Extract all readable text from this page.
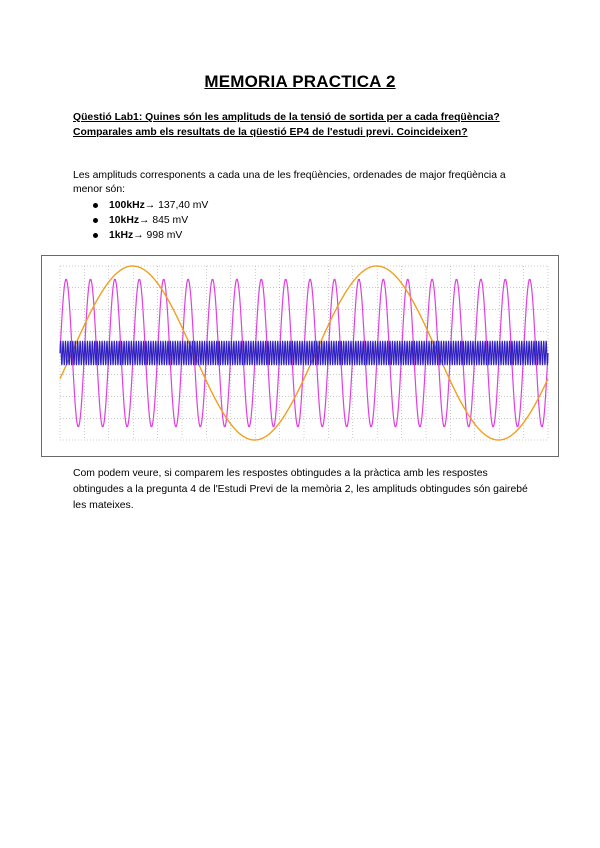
MEMORIA PRACTICA 2
Qüestió Lab1: Quines són les amplituds de la tensió de sortida per a cada freqüència? Comparales amb els resultats de la qüestió EP4 de l'estudi previ. Coincideixen?
Les amplituds corresponents a cada una de les freqüències, ordenades de major freqüència a menor són:
100kHz→ 137,40 mV
10kHz→ 845 mV
1kHz→ 998 mV
Com podem veure, si comparem les respostes obtingudes a la pràctica amb les respostes obtingudes a la pregunta 4 de l'Estudi Previ de la memòria 2, les amplituds obtingudes són gairebé les mateixes.
